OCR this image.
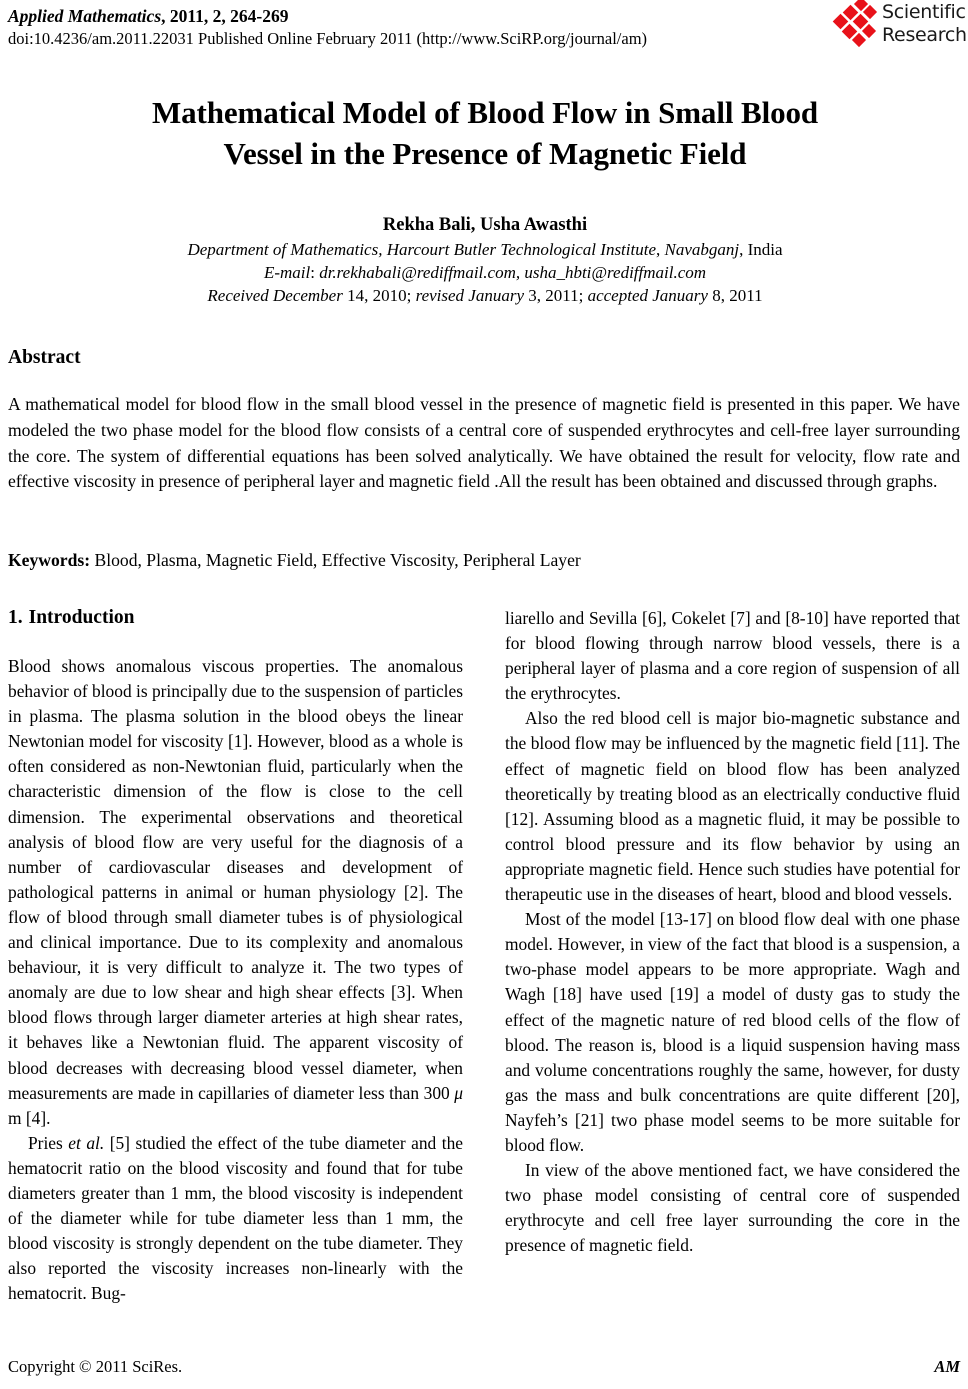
Applied Mathematics, 2011, 2, 264-269
doi:10.4236/am.2011.22031 Published Online February 2011 (http://www.SciRP.org/journal/am)
Scientific
Research
Mathematical Model of Blood Flow in Small Blood
Vessel in the Presence of Magnetic Field
Rekha Bali, Usha Awasthi
Department of Mathematics, Harcourt Butler Technological Institute, Navabganj, India
E-mail: dr.rekhabali@rediffmail.com, usha_hbti@rediffmail.com
Received December 14, 2010; revised January 3, 2011; accepted January 8, 2011
Abstract
A mathematical model for blood flow in the small blood vessel in the presence of magnetic field is presented in this paper. We have modeled the two phase model for the blood flow consists of a central core of suspended erythrocytes and cell-free layer surrounding the core. The system of differential equations has been solved analytically. We have obtained the result for velocity, flow rate and effective viscosity in presence of peripheral layer and magnetic field .All the result has been obtained and discussed through graphs.
Keywords: Blood, Plasma, Magnetic Field, Effective Viscosity, Peripheral Layer
1. Introduction

Blood shows anomalous viscous properties. The anomalous behavior of blood is principally due to the suspension of particles in plasma. The plasma solution in the blood obeys the linear Newtonian model for viscosity [1]. However, blood as a whole is often considered as non-Newtonian fluid, particularly when the characteristic dimension of the flow is close to the cell dimension. The experimental observations and theoretical analysis of blood flow are very useful for the diagnosis of a number of cardiovascular diseases and development of pathological patterns in animal or human physiology [2]. The flow of blood through small diameter tubes is of physiological and clinical importance. Due to its complexity and anomalous behaviour, it is very difficult to analyze it. The two types of anomaly are due to low shear and high shear effects [3]. When blood flows through larger diameter arteries at high shear rates, it behaves like a Newtonian fluid. The apparent viscosity of blood decreases with decreasing blood vessel diameter, when measurements are made in capillaries of diameter less than 300 μ m [4].

Pries et al. [5] studied the effect of the tube diameter and the hematocrit ratio on the blood viscosity and found that for tube diameters greater than 1 mm, the blood viscosity is independent of the diameter while for tube diameter less than 1 mm, the blood viscosity is strongly dependent on the tube diameter. They also reported the viscosity increases non-linearly with the hematocrit. Bug-

liarello and Sevilla [6], Cokelet [7] and [8-10] have reported that for blood flowing through narrow blood vessels, there is a peripheral layer of plasma and a core region of suspension of all the erythrocytes.

Also the red blood cell is major bio-magnetic substance and the blood flow may be influenced by the magnetic field [11]. The effect of magnetic field on blood flow has been analyzed theoretically by treating blood as an electrically conductive fluid [12]. Assuming blood as a magnetic fluid, it may be possible to control blood pressure and its flow behavior by using an appropriate magnetic field. Hence such studies have potential for therapeutic use in the diseases of heart, blood and blood vessels.

Most of the model [13-17] on blood flow deal with one phase model. However, in view of the fact that blood is a suspension, a two-phase model appears to be more appropriate. Wagh and Wagh [18] have used [19] a model of dusty gas to study the effect of the magnetic nature of red blood cells of the flow of blood. The reason is, blood is a liquid suspension having mass and volume concentrations roughly the same, however, for dusty gas the mass and bulk concentrations are quite different [20], Nayfeh’s [21] two phase model seems to be more suitable for blood flow.

In view of the above mentioned fact, we have considered the two phase model consisting of central core of suspended erythrocyte and cell free layer surrounding the core in the presence of magnetic field.

Copyright © 2011 SciRes.	AM
